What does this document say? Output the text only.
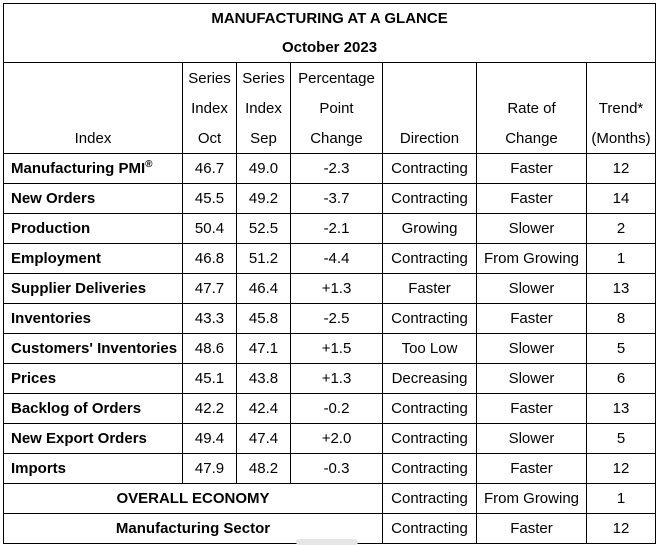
MANUFACTURING AT A GLANCE						
October 2023						
	Series	Series	Percentage			
	Index	Index	Point		Rate of	Trend*
Index	Oct	Sep	Change	Direction	Change	(Months)
Manufacturing PMI®	46.7	49.0	-2.3	Contracting	Faster	12
New Orders	45.5	49.2	-3.7	Contracting	Faster	14
Production	50.4	52.5	-2.1	Growing	Slower	2
Employment	46.8	51.2	-4.4	Contracting	From Growing	1
Supplier Deliveries	47.7	46.4	+1.3	Faster	Slower	13
Inventories	43.3	45.8	-2.5	Contracting	Faster	8
Customers' Inventories	48.6	47.1	+1.5	Too Low	Slower	5
Prices	45.1	43.8	+1.3	Decreasing	Slower	6
Backlog of Orders	42.2	42.4	-0.2	Contracting	Faster	13
New Export Orders	49.4	47.4	+2.0	Contracting	Slower	5
Imports	47.9	48.2	-0.3	Contracting	Faster	12
OVERALL ECONOMY				Contracting	From Growing	1
Manufacturing Sector				Contracting	Faster	12
